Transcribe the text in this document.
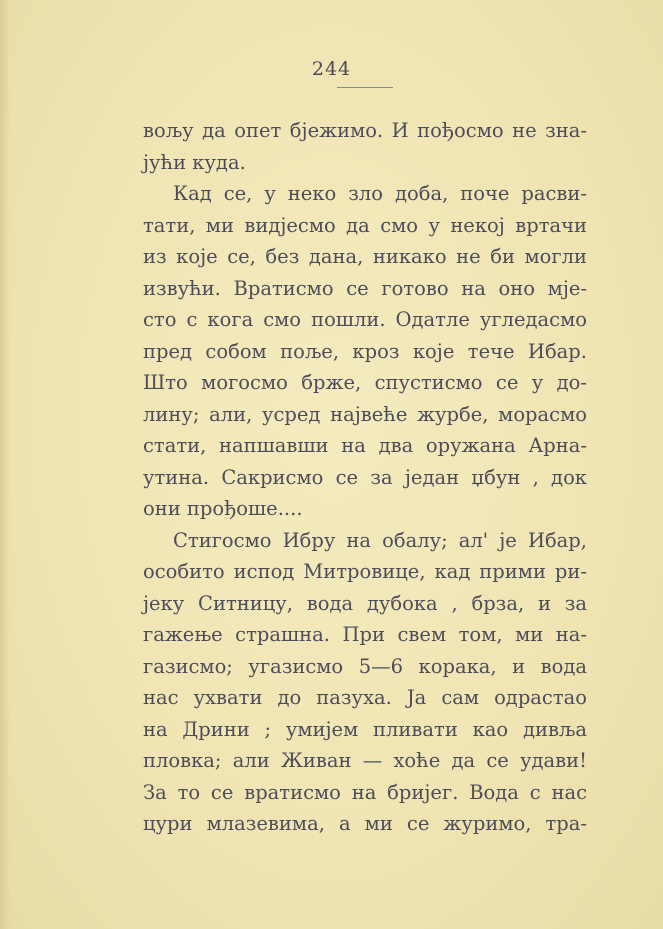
244
вољу да опет бјежимо. И пођосмо не зна-
јући куда.
Кад се, у неко зло доба, поче расви-
тати, ми видјесмо да смо у некој вртачи
из које се, без дана, никако не би могли
извући. Вратисмо се готово на оно мје-
сто с кога смо пошли. Одатле угледасмо
пред собом поље, кроз које тече Ибар.
Што могосмо брже, спустисмо се у до-
лину; али, усред највеће журбе, морасмо
стати, напшавши на два оружана Арна-
утина. Сакрисмо се за један џбун , док
они прођоше....
Стигосмо Ибру на обалу; ал' је Ибар,
особито испод Митровице, кад прими ри-
јеку Ситницу, вода дубока , брза, и за
гажење страшна. При свем том, ми на-
газисмо; угазисмо 5—6 корака, и вода
нас ухвати до пазуха. Ја сам одрастао
на Дрини ; умијем пливати као дивља
пловка; али Живан — хоће да се удави!
За то се вратисмо на бријег. Вода с нас
цури млазевима, а ми се журимо, тра-
